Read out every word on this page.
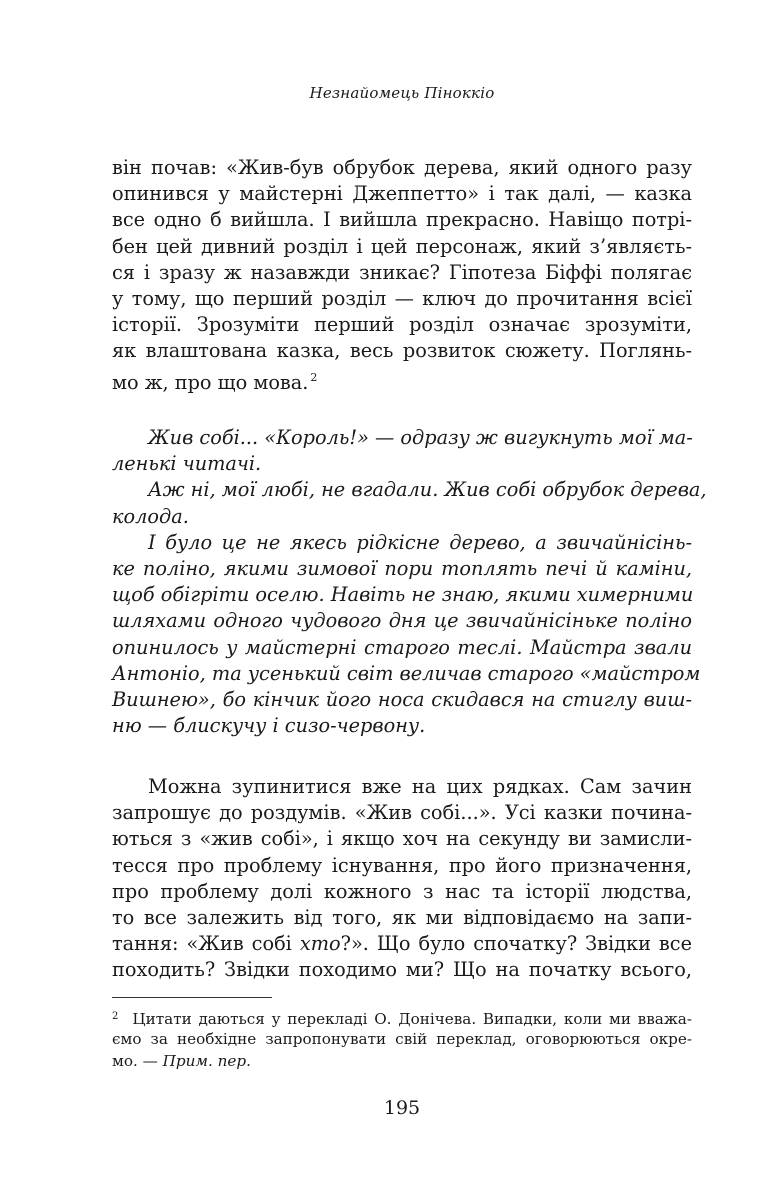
Незнайомець Піноккіо
він почав: «Жив-був обрубок дерева, який одного разу
опинився у майстерні Джеппетто» і так далі, — казка
все одно б вийшла. І вийшла прекрасно. Навіщо потрі-
бен цей дивний розділ і цей персонаж, який з’являєть-
ся і зразу ж назавжди зникає? Гіпотеза Біффі полягає
у тому, що перший розділ — ключ до прочитання всієї
історії. Зрозуміти перший розділ означає зрозуміти,
як влаштована казка, весь розвиток сюжету. Поглянь-
мо ж, про що мова. $^2$
Жив собі... «Король!» — одразу ж вигукнуть мої ма-
ленькі читачі.
Аж ні, мої любі, не вгадали. Жив собі обрубок дерева,
колода.
І було це не якесь рідкісне дерево, а звичайнісінь-
ке поліно, якими зимової пори топлять печі й каміни,
щоб обігріти оселю. Навіть не знаю, якими химерними
шляхами одного чудового дня це звичайнісіньке поліно
опинилось у майстерні старого теслі. Майстра звали
Антоніо, та усенький світ величав старого «майстром
Вишнею», бо кінчик його носа скидався на стиглу виш-
ню — блискучу і сизо-червону.
Можна зупинитися вже на цих рядках. Сам зачин
запрошує до роздумів. «Жив собі...». Усі казки почина-
ються з «жив собі», і якщо хоч на секунду ви замисли-
тесся про проблему існування, про його призначення,
про проблему долі кожного з нас та історії людства,
то все залежить від того, як ми відповідаємо на запи-
тання: «Жив собі хто?». Що було спочатку? Звідки все
походить? Звідки походимо ми? Що на початку всього,
$^2$ Цитати даються у перекладі О. Донічева. Випадки, коли ми вважа-
ємо за необхідне запропонувати свій переклад, оговорюються окре-
мо. — Прим. пер.
195
